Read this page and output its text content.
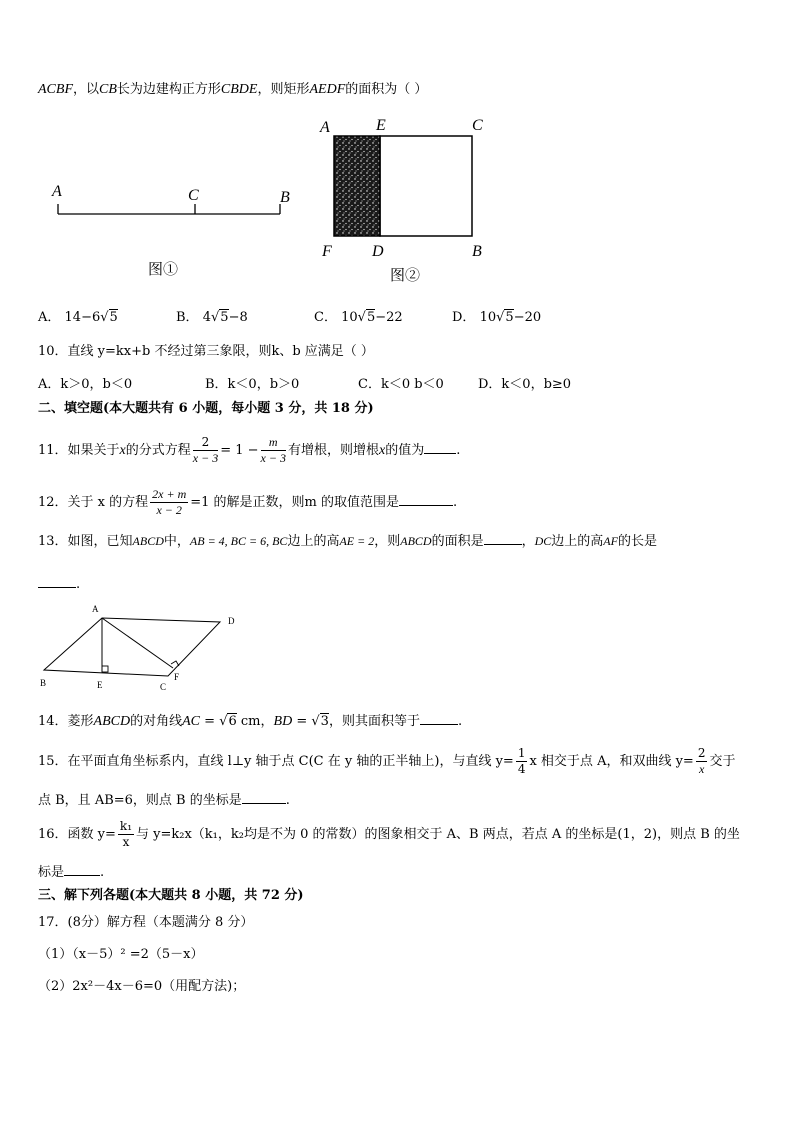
ACBF，以CB长为边建构正方形CBDE，则矩形AEDF的面积为（ ）
A	C	B
图①
A	E	C
F	D	B
图②
A． 14−6√5	B． 4√5−8	C． 10√5−22	D． 10√5−20
10．直线 y=kx+b 不经过第三象限，则k、b 应满足（ ）
A．k＞0，b＜0	B．k＜0，b＞0	C．k＜0 b＜0	D．k＜0，b≥0
二、填空题(本大题共有 6 小题，每小题 3 分，共 18 分)
11．如果关于x的分式方程 $\frac{2}{x - 3} = 1 - \frac{m}{x - 3}$ 有增根，则增根x的值为 .
12．关于 x 的方程 $\frac{2x + m}{x - 2} =1$ 的解是正数，则m 的取值范围是	.
13．如图，已知ABCD中，AB = 4, BC = 6, BC边上的高AE = 2，则ABCD的面积是	，DC边上的高AF的长是
.
A
D
B	E	C
F
14．菱形ABCD的对角线AC = √6 cm，BD = √3，则其面积等于	.
15．在平面直角坐标系内，直线 l⊥y 轴于点 C(C 在 y 轴的正半轴上)，与直线 $y= \frac{1}{4}$ x 相交于点 A，和双曲线 $y= \frac{2}{x}$ 交于
点 B，且 AB=6，则点 B 的坐标是	.
16．函数 $y= \frac{\text{k₁}}{x}$ 与 y=k₂x（k₁，k₂均是不为 0 的常数）的图象相交于 A、B 两点，若点 A 的坐标是(1，2)，则点 B 的坐
标是	.
三、解下列各题(本大题共 8 小题，共 72 分)
17．(8分）解方程（本题满分 8 分）
（1）（x－5）² =2（5－x）
（2）2x²－4x－6=0（用配方法)；
